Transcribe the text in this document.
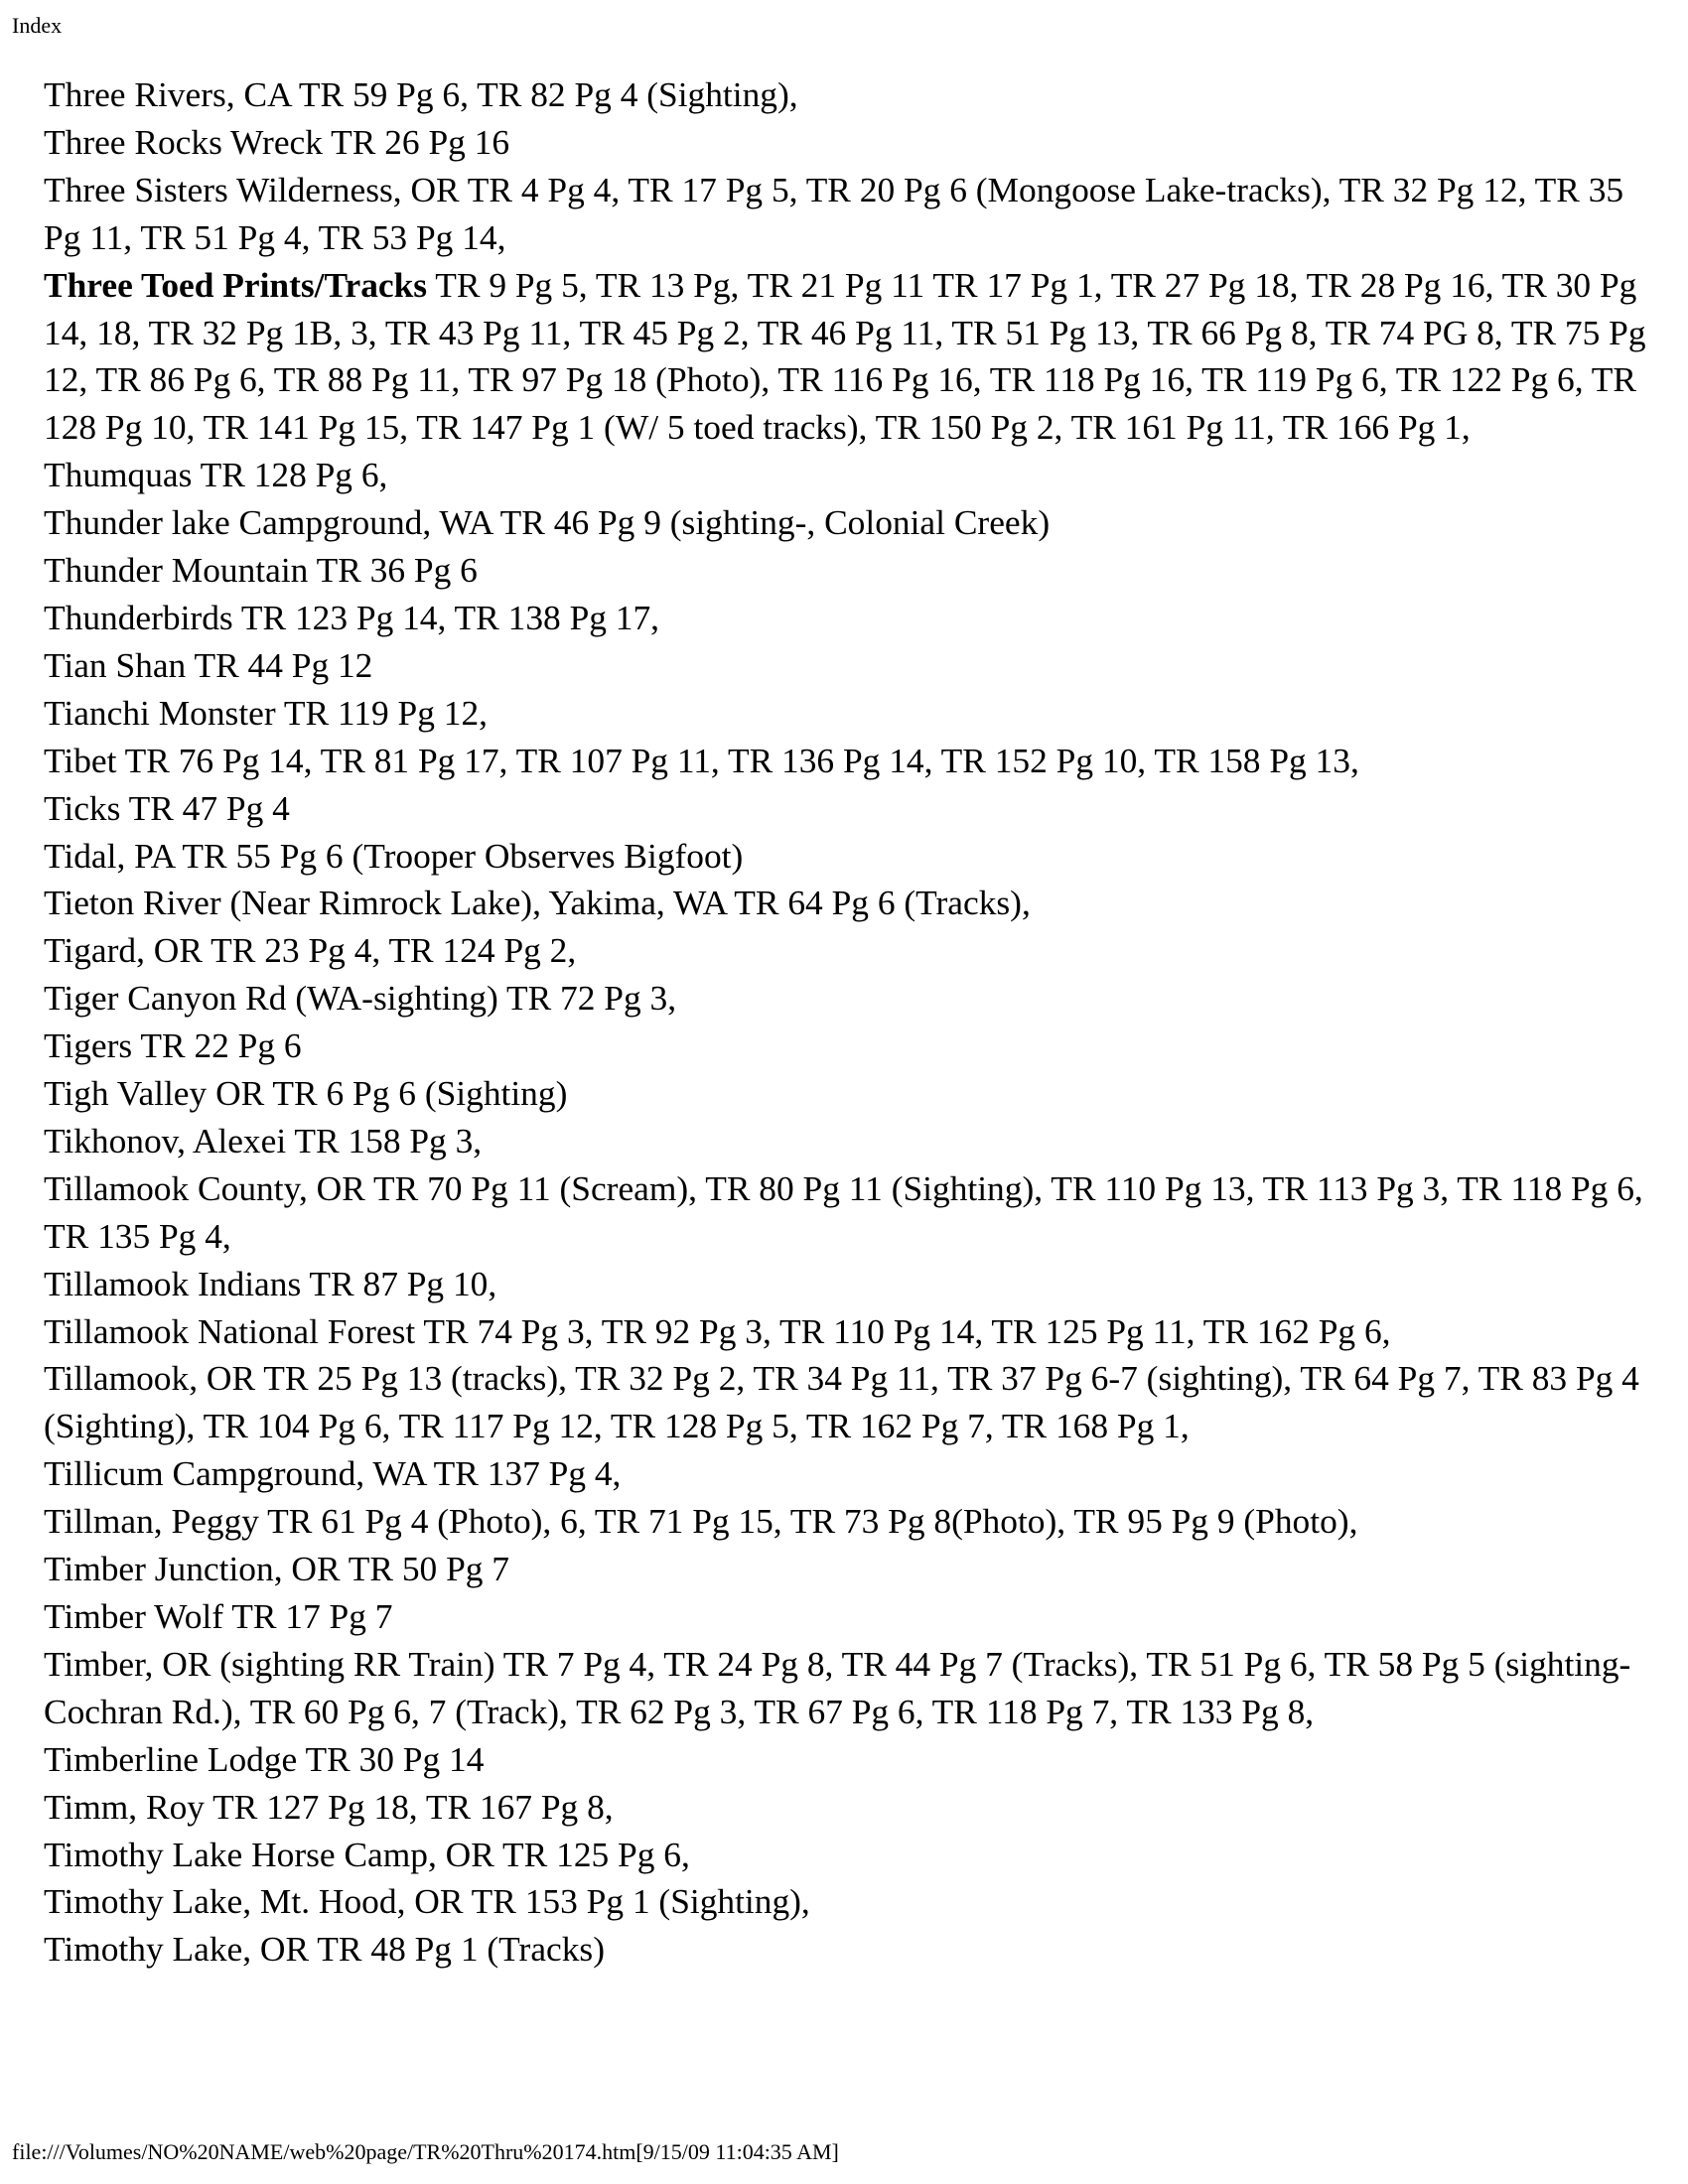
Index

Three Rivers, CA TR 59 Pg 6, TR 82 Pg 4 (Sighting),

Three Rocks Wreck TR 26 Pg 16

Three Sisters Wilderness, OR TR 4 Pg 4, TR 17 Pg 5, TR 20 Pg 6 (Mongoose Lake-tracks), TR 32 Pg 12, TR 35 Pg 11, TR 51 Pg 4, TR 53 Pg 14,

Three Toed Prints/Tracks TR 9 Pg 5, TR 13 Pg, TR 21 Pg 11 TR 17 Pg 1, TR 27 Pg 18, TR 28 Pg 16, TR 30 Pg 14, 18, TR 32 Pg 1B, 3, TR 43 Pg 11, TR 45 Pg 2, TR 46 Pg 11, TR 51 Pg 13, TR 66 Pg 8, TR 74 PG 8, TR 75 Pg 12, TR 86 Pg 6, TR 88 Pg 11, TR 97 Pg 18 (Photo), TR 116 Pg 16, TR 118 Pg 16, TR 119 Pg 6, TR 122 Pg 6, TR 128 Pg 10, TR 141 Pg 15, TR 147 Pg 1 (W/ 5 toed tracks), TR 150 Pg 2, TR 161 Pg 11, TR 166 Pg 1,

Thumquas TR 128 Pg 6,

Thunder lake Campground, WA TR 46 Pg 9 (sighting-, Colonial Creek)

Thunder Mountain TR 36 Pg 6

Thunderbirds TR 123 Pg 14, TR 138 Pg 17,

Tian Shan TR 44 Pg 12

Tianchi Monster TR 119 Pg 12,

Tibet TR 76 Pg 14, TR 81 Pg 17, TR 107 Pg 11, TR 136 Pg 14, TR 152 Pg 10, TR 158 Pg 13,

Ticks TR 47 Pg 4

Tidal, PA TR 55 Pg 6 (Trooper Observes Bigfoot)

Tieton River (Near Rimrock Lake), Yakima, WA TR 64 Pg 6 (Tracks),

Tigard, OR TR 23 Pg 4, TR 124 Pg 2,

Tiger Canyon Rd (WA-sighting) TR 72 Pg 3,

Tigers TR 22 Pg 6

Tigh Valley OR TR 6 Pg 6 (Sighting)

Tikhonov, Alexei TR 158 Pg 3,

Tillamook County, OR TR 70 Pg 11 (Scream), TR 80 Pg 11 (Sighting), TR 110 Pg 13, TR 113 Pg 3, TR 118 Pg 6, TR 135 Pg 4,

Tillamook Indians TR 87 Pg 10,

Tillamook National Forest TR 74 Pg 3, TR 92 Pg 3, TR 110 Pg 14, TR 125 Pg 11, TR 162 Pg 6,

Tillamook, OR TR 25 Pg 13 (tracks), TR 32 Pg 2, TR 34 Pg 11, TR 37 Pg 6-7 (sighting), TR 64 Pg 7, TR 83 Pg 4 (Sighting), TR 104 Pg 6, TR 117 Pg 12, TR 128 Pg 5, TR 162 Pg 7, TR 168 Pg 1,

Tillicum Campground, WA TR 137 Pg 4,

Tillman, Peggy TR 61 Pg 4 (Photo), 6, TR 71 Pg 15, TR 73 Pg 8(Photo), TR 95 Pg 9 (Photo),

Timber Junction, OR TR 50 Pg 7

Timber Wolf TR 17 Pg 7

Timber, OR (sighting RR Train) TR 7 Pg 4, TR 24 Pg 8, TR 44 Pg 7 (Tracks), TR 51 Pg 6, TR 58 Pg 5 (sighting- Cochran Rd.), TR 60 Pg 6, 7 (Track), TR 62 Pg 3, TR 67 Pg 6, TR 118 Pg 7, TR 133 Pg 8,

Timberline Lodge TR 30 Pg 14

Timm, Roy TR 127 Pg 18, TR 167 Pg 8,

Timothy Lake Horse Camp, OR TR 125 Pg 6,

Timothy Lake, Mt. Hood, OR TR 153 Pg 1 (Sighting),

Timothy Lake, OR TR 48 Pg 1 (Tracks)

file:///Volumes/NO%20NAME/web%20page/TR%20Thru%20174.htm[9/15/09 11:04:35 AM]
